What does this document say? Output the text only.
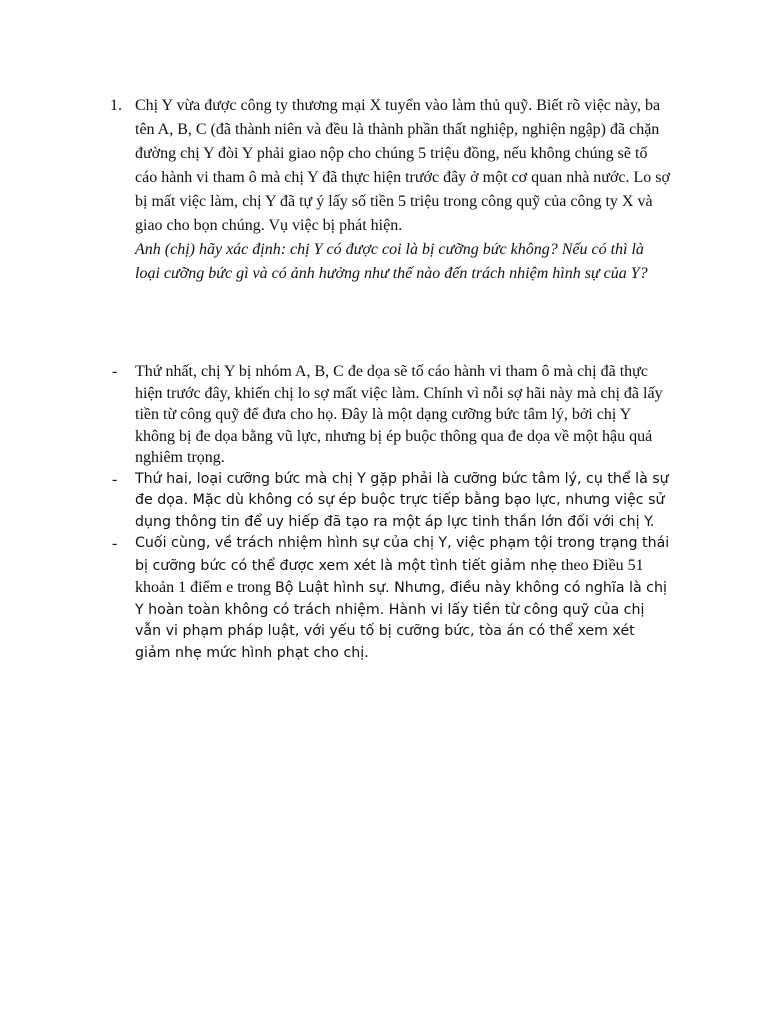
1. Chị Y vừa được công ty thương mại X tuyển vào làm thủ quỹ. Biết rõ việc này, ba tên A, B, C (đã thành niên và đều là thành phần thất nghiệp, nghiện ngập) đã chặn đường chị Y đòi Y phải giao nộp cho chúng 5 triệu đồng, nếu không chúng sẽ tố cáo hành vi tham ô mà chị Y đã thực hiện trước đây ở một cơ quan nhà nước. Lo sợ bị mất việc làm, chị Y đã tự ý lấy số tiền 5 triệu trong công quỹ của công ty X và giao cho bọn chúng. Vụ việc bị phát hiện.
Anh (chị) hãy xác định: chị Y có được coi là bị cưỡng bức không? Nếu có thì là loại cưỡng bức gì và có ảnh hưởng như thế nào đến trách nhiệm hình sự của Y?
- Thứ nhất, chị Y bị nhóm A, B, C đe dọa sẽ tố cáo hành vi tham ô mà chị đã thực hiện trước đây, khiến chị lo sợ mất việc làm. Chính vì nỗi sợ hãi này mà chị đã lấy tiền từ công quỹ để đưa cho họ. Đây là một dạng cưỡng bức tâm lý, bởi chị Y không bị đe dọa bằng vũ lực, nhưng bị ép buộc thông qua đe dọa về một hậu quả nghiêm trọng.
- Thứ hai, loại cưỡng bức mà chị Y gặp phải là cưỡng bức tâm lý, cụ thể là sự đe dọa. Mặc dù không có sự ép buộc trực tiếp bằng bạo lực, nhưng việc sử dụng thông tin để uy hiếp đã tạo ra một áp lực tinh thần lớn đối với chị Y.
- Cuối cùng, về trách nhiệm hình sự của chị Y, việc phạm tội trong trạng thái bị cưỡng bức có thể được xem xét là một tình tiết giảm nhẹ theo Điều 51 khoản 1 điểm e trong Bộ Luật hình sự. Nhưng, điều này không có nghĩa là chị Y hoàn toàn không có trách nhiệm. Hành vi lấy tiền từ công quỹ của chị vẫn vi phạm pháp luật, với yếu tố bị cưỡng bức, tòa án có thể xem xét giảm nhẹ mức hình phạt cho chị.
